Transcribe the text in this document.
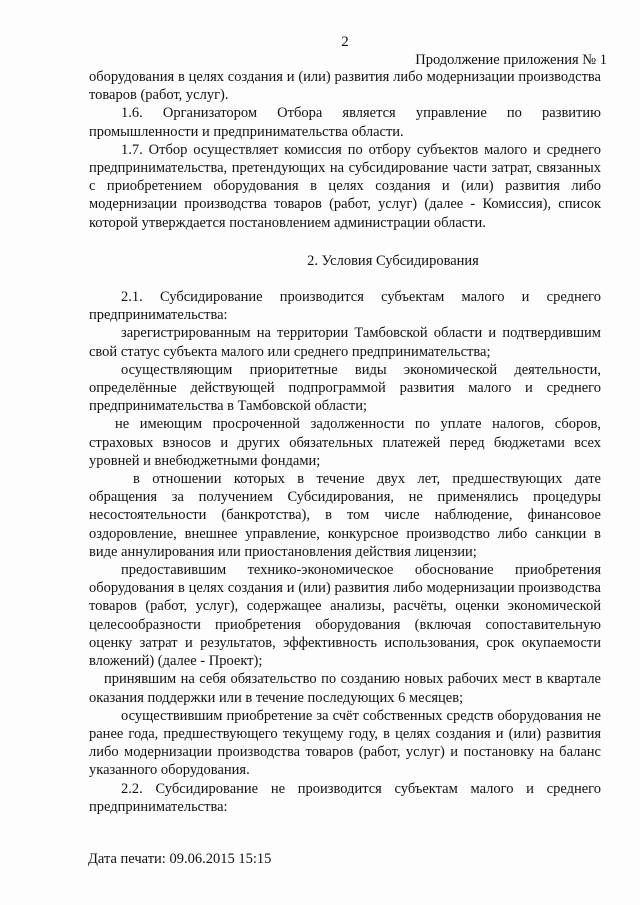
2
Продолжение приложения № 1

оборудования в целях создания и (или) развития либо модернизации производства товаров (работ, услуг).

1.6. Организатором Отбора является управление по развитию промышленности и предпринимательства области.

1.7. Отбор осуществляет комиссия по отбору субъектов малого и среднего предпринимательства, претендующих на субсидирование части затрат, связанных с приобретением оборудования в целях создания и (или) развития либо модернизации производства товаров (работ, услуг) (далее - Комиссия), список которой утверждается постановлением администрации области.

2. Условия Субсидирования

2.1. Субсидирование производится субъектам малого и среднего предпринимательства:

зарегистрированным на территории Тамбовской области и подтвердившим свой статус субъекта малого или среднего предпринимательства;

осуществляющим приоритетные виды экономической деятельности, определённые действующей подпрограммой развития малого и среднего предпринимательства в Тамбовской области;

не имеющим просроченной задолженности по уплате налогов, сборов, страховых взносов и других обязательных платежей перед бюджетами всех уровней и внебюджетными фондами;

в отношении которых в течение двух лет, предшествующих дате обращения за получением Субсидирования, не применялись процедуры несостоятельности (банкротства), в том числе наблюдение, финансовое оздоровление, внешнее управление, конкурсное производство либо санкции в виде аннулирования или приостановления действия лицензии;

предоставившим технико-экономическое обоснование приобретения оборудования в целях создания и (или) развития либо модернизации производства товаров (работ, услуг), содержащее анализы, расчёты, оценки экономической целесообразности приобретения оборудования (включая сопоставительную оценку затрат и результатов, эффективность использования, срок окупаемости вложений) (далее - Проект);

принявшим на себя обязательство по созданию новых рабочих мест в квартале оказания поддержки или в течение последующих 6 месяцев;

осуществившим приобретение за счёт собственных средств оборудования не ранее года, предшествующего текущему году, в целях создания и (или) развития либо модернизации производства товаров (работ, услуг) и постановку на баланс указанного оборудования.

2.2. Субсидирование не производится субъектам малого и среднего предпринимательства:

Дата печати: 09.06.2015 15:15
